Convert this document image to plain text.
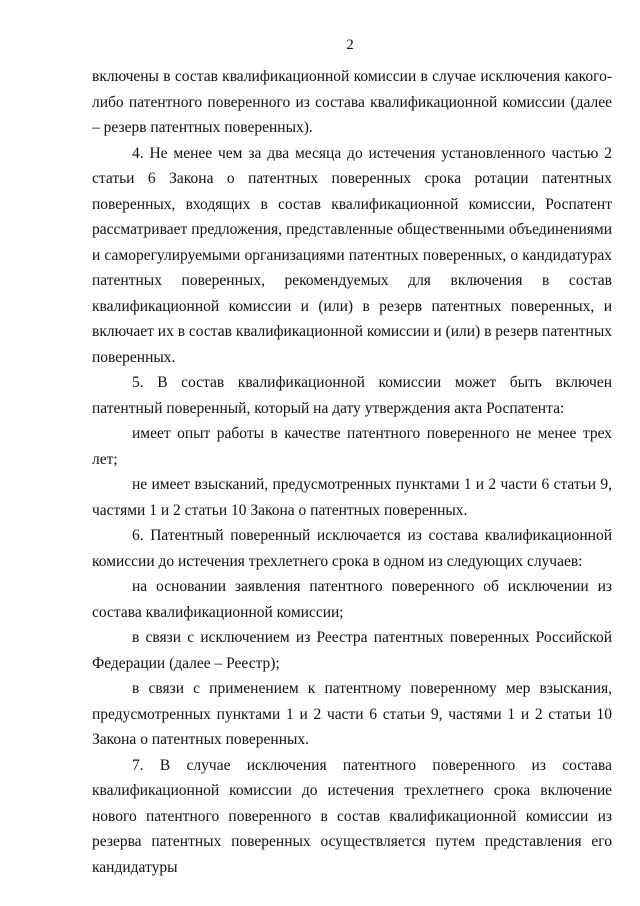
2

включены в состав квалификационной комиссии в случае исключения какого-либо патентного поверенного из состава квалификационной комиссии (далее – резерв патентных поверенных).

4. Не менее чем за два месяца до истечения установленного частью 2 статьи 6 Закона о патентных поверенных срока ротации патентных поверенных, входящих в состав квалификационной комиссии, Роспатент рассматривает предложения, представленные общественными объединениями и саморегулируемыми организациями патентных поверенных, о кандидатурах патентных поверенных, рекомендуемых для включения в состав квалификационной комиссии и (или) в резерв патентных поверенных, и включает их в состав квалификационной комиссии и (или) в резерв патентных поверенных.

5. В состав квалификационной комиссии может быть включен патентный поверенный, который на дату утверждения акта Роспатента:

имеет опыт работы в качестве патентного поверенного не менее трех лет;

не имеет взысканий, предусмотренных пунктами 1 и 2 части 6 статьи 9, частями 1 и 2 статьи 10 Закона о патентных поверенных.

6. Патентный поверенный исключается из состава квалификационной комиссии до истечения трехлетнего срока в одном из следующих случаев:

на основании заявления патентного поверенного об исключении из состава квалификационной комиссии;

в связи с исключением из Реестра патентных поверенных Российской Федерации (далее – Реестр);

в связи с применением к патентному поверенному мер взыскания, предусмотренных пунктами 1 и 2 части 6 статьи 9, частями 1 и 2 статьи 10 Закона о патентных поверенных.

7. В случае исключения патентного поверенного из состава квалификационной комиссии до истечения трехлетнего срока включение нового патентного поверенного в состав квалификационной комиссии из резерва патентных поверенных осуществляется путем представления его кандидатуры
